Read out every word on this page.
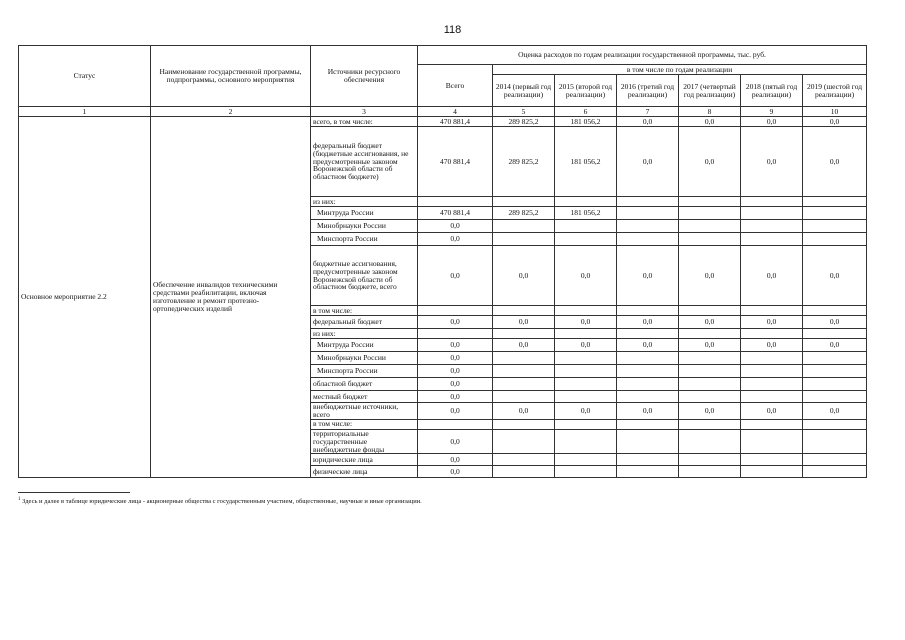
118
Статус	Наименование государственной программы, подпрограммы, основного мероприятия	Источники ресурсного обеспечения	Оценка расходов по годам реализации государственной программы, тыс. руб.						
			Всего	в том числе по годам реализации					
				2014 (первый год реализации)	2015 (второй год реализации)	2016 (третий год реализации)	2017 (четвертый год реализации)	2018 (пятый год реализации)	2019 (шестой год реализации)
1	2	3	4	5	6	7	8	9	10
Основное мероприятие 2.2	Обеспечение инвалидов техническими средствами реабилитации, включая изготовление и ремонт протезно-ортопедических изделий	всего, в том числе:	470 881,4	289 825,2	181 056,2	0,0	0,0	0,0	0,0
		федеральный бюджет (бюджетные ассигнования, не предусмотренные законом Воронежской области об областном бюджете)	470 881,4	289 825,2	181 056,2	0,0	0,0	0,0	0,0
		из них:							
		Минтруда России	470 881,4	289 825,2	181 056,2				
		Минобрнауки России	0,0						
		Минспорта России	0,0						
		бюджетные ассигнования, предусмотренные законом Воронежской области об областном бюджете, всего	0,0	0,0	0,0	0,0	0,0	0,0	0,0
		в том числе:							
		федеральный бюджет	0,0	0,0	0,0	0,0	0,0	0,0	0,0
		из них:							
		Минтруда России	0,0	0,0	0,0	0,0	0,0	0,0	0,0
		Минобрнауки России	0,0						
		Минспорта России	0,0						
		областной бюджет	0,0						
		местный бюджет	0,0						
		внебюджетные источники, всего	0,0	0,0	0,0	0,0	0,0	0,0	0,0
		в том числе:							
		территориальные государственные внебюджетные фонды	0,0						
		юридические лица	0,0						
		физические лица	0,0						
$^1$ Здесь и далее в таблице юридические лица - акционерные общества с государственным участием, общественные, научные и иные организации.
